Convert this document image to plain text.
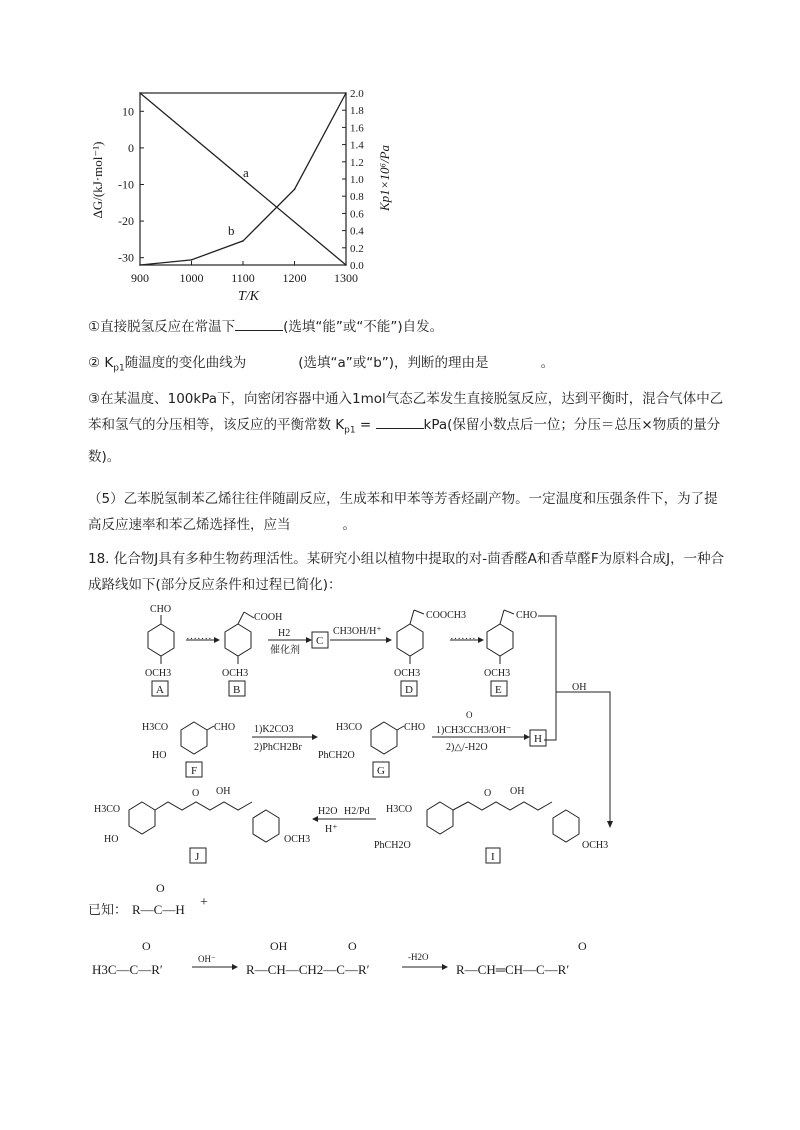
10
0
-10
-20
-30
2.0
1.8
1.6
1.4
1.2
1.0
0.8
0.6
0.4
0.2
0.0
900	1000 1100 1200 1300
a
b
T/K
ΔG/(kJ·mol⁻¹)	Kp1×10⁶/Pa
①直接脱氢反应在常温下	(选填“能”或“不能”)自发。
② $K_{p1}$随温度的变化曲线为	(选填“a”或“b”)，判断的理由是	。
③在某温度、100kPa下，向密闭容器中通入1mol气态乙苯发生直接脱氢反应，达到平衡时，混合气体中乙苯和氢气的分压相等，该反应的平衡常数 $K_{p1}$ =	kPa(保留小数点后一位；分压＝总压×物质的量分数)。
（5）乙苯脱氢制苯乙烯往往伴随副反应，生成苯和甲苯等芳香烃副产物。一定温度和压强条件下，为了提高反应速率和苯乙烯选择性，应当	。
18. 化合物J具有多种生物药理活性。某研究小组以植物中提取的对-茴香醛A和香草醛F为原料合成J，一种合成路线如下(部分反应条件和过程已简化)：
CHO
OCH3
A
·······
COOH
OCH3
B
H2
催化剂
C
CH3OH/H⁺
COOCH3
OCH3
D
·······
CHO
OCH3
E	OH
H3CO	CHO
HO
F
1)K2CO3
2)PhCH2Br
H3CO	CHO
PhCH2O
G
O
1)CH3CCH3/OH⁻
2)△/-H2O
H
H3CO
HO
O OH
OCH3
J
H2O H2/Pd
H⁺
H3CO
PhCH2O
O OH
OCH3
I
已知：
O
R—C—H +
O
H3C—C—R′
OH⁻
OH	O
R—CH—CH2—C—R′
-H2O
O
R—CH═CH—C—R′
